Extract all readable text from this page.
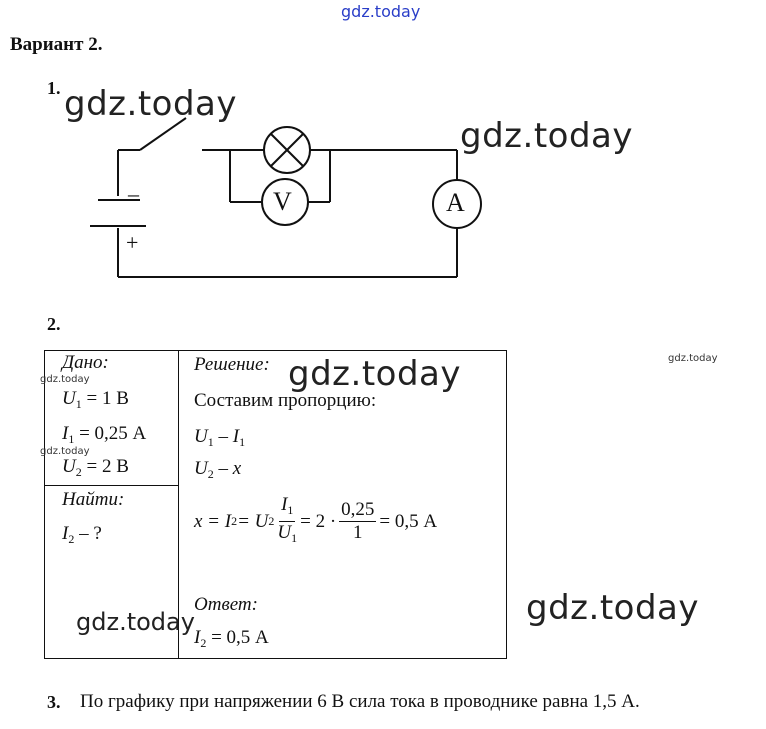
gdz.today
Вариант 2.
1. gdz.today
gdz.today
V	A
–
+
2.
gdz.today
Дано:
gdz.today
$U_1 = 1$ В
$I_1 = 0,25$ А
gdz.today
$U_2 = 2$ В
Найти:
$I_2$ – ?
Решение: gdz.today
Составим пропорцию:
$U_1 - I_1$
$U_2$ – x
x = I 2 = U $2 \frac{I_1}{U_1} = 2 \cdot \frac{0,25}{1} = 0,5$ А
Ответ:
$I_2 = 0,5$ А
gdz.today	gdz.today
3. По графику при напряжении 6 В сила тока в проводнике равна 1,5 А.
